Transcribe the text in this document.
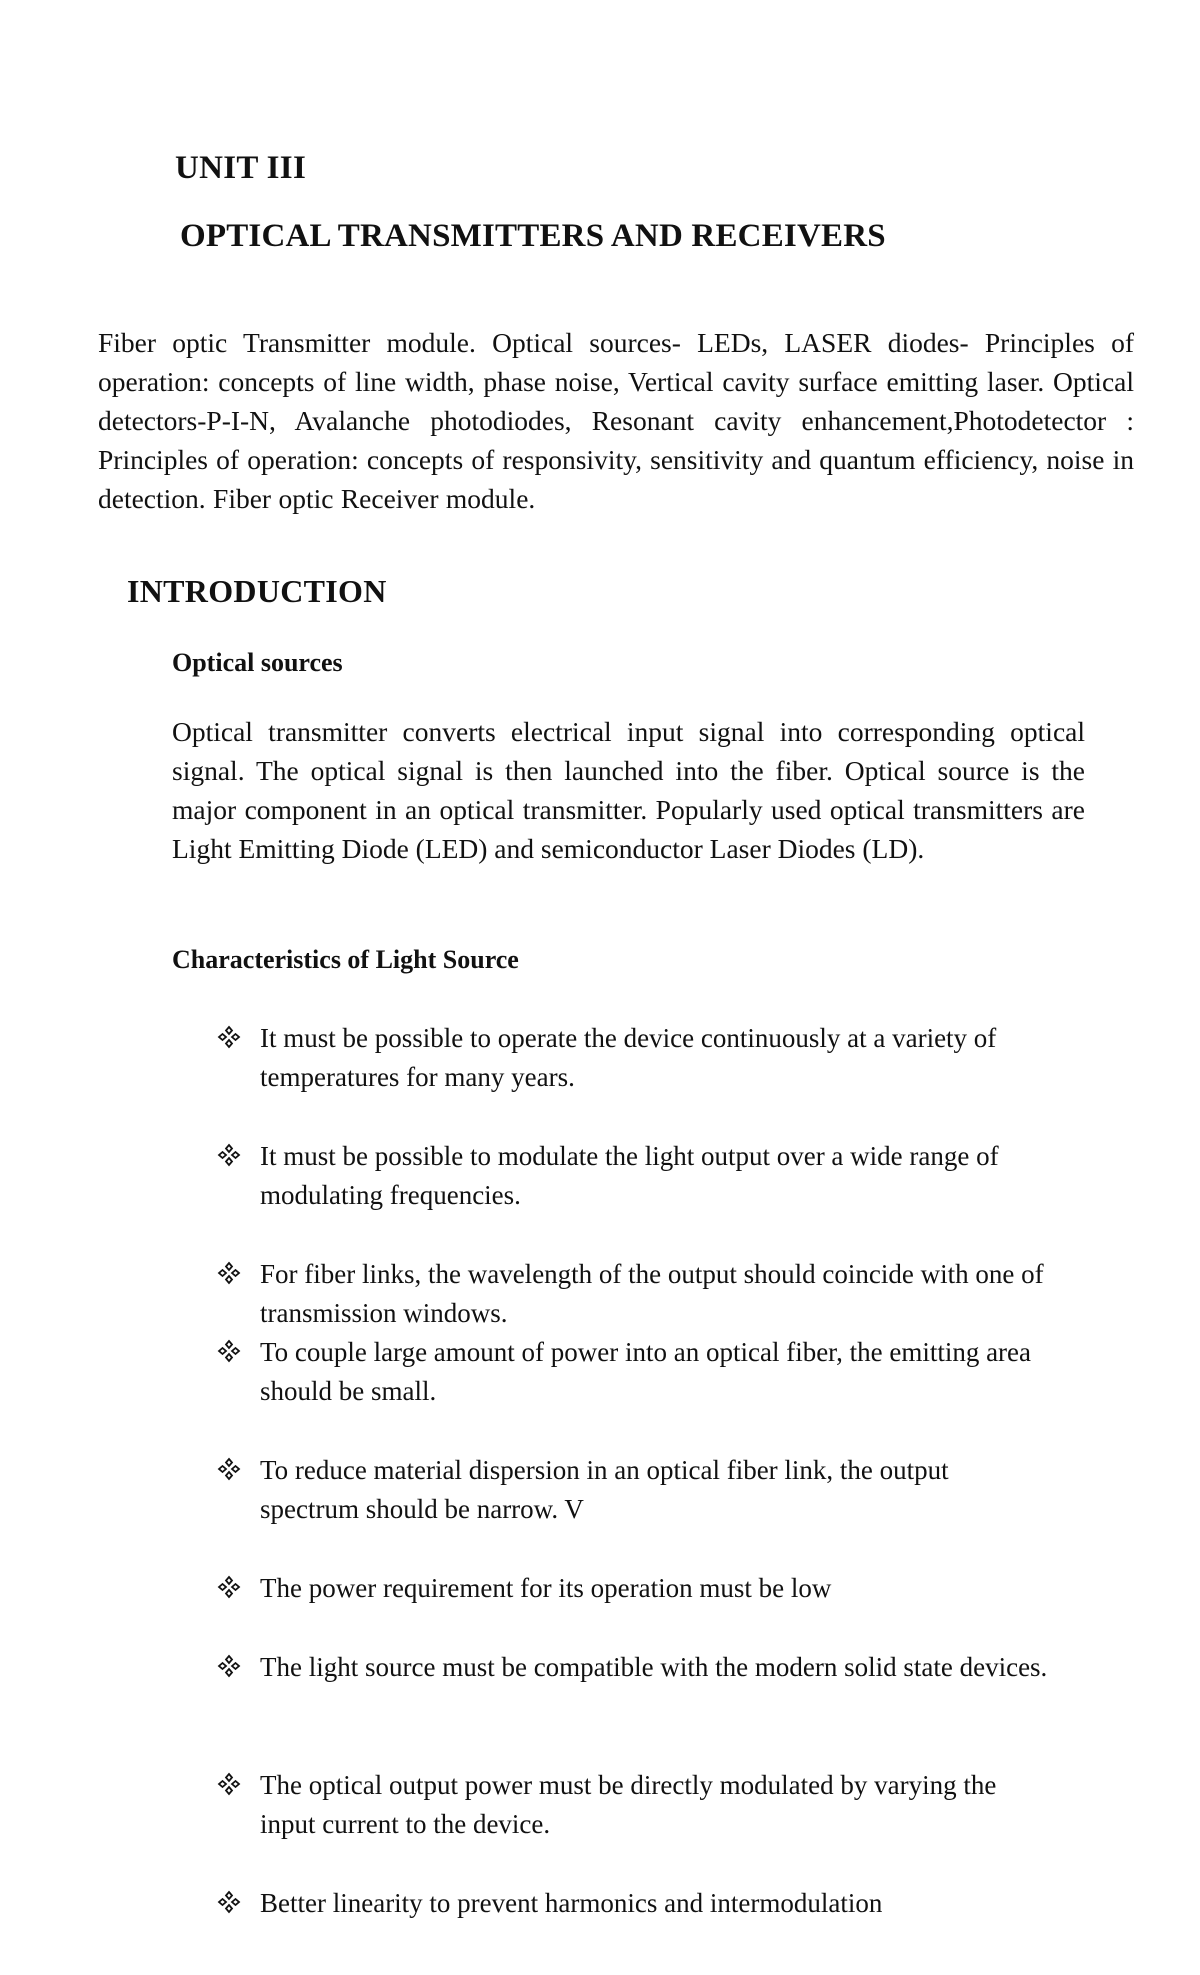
UNIT III
OPTICAL TRANSMITTERS AND RECEIVERS

Fiber optic Transmitter module. Optical sources- LEDs, LASER diodes- Principles of operation: concepts of line width, phase noise, Vertical cavity surface emitting laser. Optical detectors-P-I-N, Avalanche photodiodes, Resonant cavity enhancement,Photodetector : Principles of operation: concepts of responsivity, sensitivity and quantum efficiency, noise in detection. Fiber optic Receiver module.

INTRODUCTION
Optical sources

Optical transmitter converts electrical input signal into corresponding optical signal. The optical signal is then launched into the fiber. Optical source is the major component in an optical transmitter. Popularly used optical transmitters are Light Emitting Diode (LED) and semiconductor Laser Diodes (LD).

Characteristics of Light Source

It must be possible to operate the device continuously at a variety of temperatures for many years.

It must be possible to modulate the light output over a wide range of modulating frequencies.

For fiber links, the wavelength of the output should coincide with one of transmission windows.

To couple large amount of power into an optical fiber, the emitting area should be small.

To reduce material dispersion in an optical fiber link, the output spectrum should be narrow. V

The power requirement for its operation must be low

The light source must be compatible with the modern solid state devices.

The optical output power must be directly modulated by varying the input current to the device.

Better linearity to prevent harmonics and intermodulation
